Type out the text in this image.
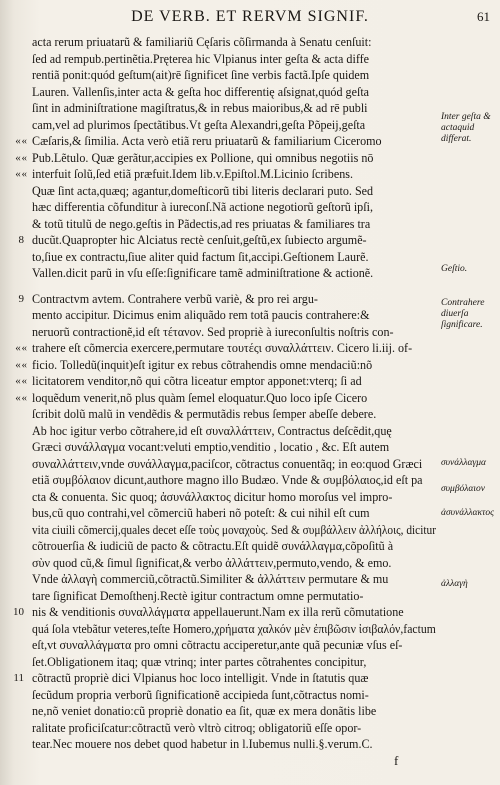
DE VERB. ET RERVM SIGNIF.	61
acta rerum priuatarũ & familiariũ Cęſaris cõſirmanda à Senatu cenſuit:
ſed ad rempub.pertinẽtia.Pręterea hic Vlpianus inter geſta & acta diffe
rentiã ponit:quód geſtum(ait)rē ſignificet ſine verbis factã.Ipſe quidem
Lauren. Vallenſis,inter acta & geſta hoc differentię aſsignat,quód geſta
ſint in adminiſtratione magiſtratus,& in rebus maioribus,& ad rē publi
cam,vel ad plurimos ſpectãtibus.Vt geſta Alexandri,geſta Põpeij,geſta
« « Cæſaris,& ſimilia. Acta verò etiã reru priuatarũ & familiarium Ciceromo
« « Pub.Lẽtulo. Quæ gerãtur,accipies ex Pollione, qui omnibus negotiis nō
« « interfuit ſolũ,ſed etiã præfuit.Idem lib.v.Epiſtol.M.Licinio ſcribens.
Quæ ſint acta,quæq; agantur,domeſticorũ tibi literis declarari puto. Sed
hæc differentia cõfunditur à iureconſ.Nã actione negotiorũ geſtorũ ipſi,
& totũ titulũ de nego.geſtis in Pãdectis,ad res priuatas & familiares tra
8 ducũt.Quapropter hic Alciatus rectè cenſuit,geſtũ,ex ſubiecto argumẽ-
to,ſiue ex contractu,ſiue aliter quid factum ſit,accipi.Geſtionem Laurẽ.
Vallen.dicit parũ in vſu eſſe:ſignificare tamẽ adminiſtratione & actionẽ.
9 Contractvm avtem. Contrahere verbũ variè, & pro rei argu-
mento accipitur. Dicimus enim aliquãdo rem totã paucis contrahere:&
neruorũ contractionẽ,id eſt τέτανον. Sed propriè à iureconſultis noſtris con-
« « trahere eſt cõmercia exercere,permutare τουτέςι συναλλάττειν. Cicero li.iij. of-
« « ficio. Tolledũ(inquit)eſt igitur ex rebus cõtrahendis omne mendaciũ:nõ
« « licitatorem venditor,nõ qui cõtra liceatur emptor apponet:vterq; ſi ad
« « loquẽdum venerit,nõ plus quàm ſemel eloquatur.Quo loco ipſe Cicero
ſcribit dolũ malũ in vendẽdis & permutãdis rebus ſemper abeſſe debere.
Ab hoc igitur verbo cõtrahere,id eſt συναλλάττειν, Contractus deſcẽdit,quę
Græci συνάλλαγμα vocant:veluti emptio,venditio , locatio , &c. Eſt autem
συναλλάττειν,vnde συνάλλαγμα,paciſcor, cõtractus conuentãq; in eo:quod Græci
etiã συμβόλαιον dicunt,authore magno illo Budæo. Vnde & συμβόλαιος,id eſt pa
cta & conuenta. Sic quoq; ἀσυνάλλακτος dicitur homo moroſus vel impro-
bus,cũ quo contrahi,vel cõmerciũ haberi nõ poteſt: & cui nihil eſt cum
vita ciuili cõmercij,quales decet eſſe τοὺς μοναχοὺς. Sed & συμβάλλειν ἀλλήλοις, dicitur
cõtrouerſia & iudiciũ de pacto & cõtractu.Eſt quidẽ συνάλλαγμα,cõpoſitũ à
σὺν quod cũ,& ſimul ſignificat,& verbo ἀλλάττειν,permuto,vendo, & emo.
Vnde ἀλλαγὴ commerciũ,cõtractũ.Similiter & ἀλλάττειν permutare & mu
tare ſignificat Demoſthenj.Rectè igitur contractum omne permutatio-
10 nis & venditionis συναλλάγματα appellauerunt.Nam ex illa rerũ cõmutatione
quá ſola vtebãtur veteres,teſte Homero,χρήματα χαλκόν μὲν ἐπιβῶσιν ἰσιβαλόν,factum
eſt,vt συναλλάγματα pro omni cõtractu acciperetur,ante quã pecuniæ vſus eſ-
ſet.Obligationem itaq; quæ vtrinq; inter partes cõtrahentes concipitur,
11 cõtractũ propriè dici Vlpianus hoc loco intelligit. Vnde in ſtatutis quæ
ſecũdum propria verborũ ſignificationẽ accipieda ſunt,cõtractus nomi-
ne,nõ veniet donatio:cũ propriè donatio ea ſit, quæ ex mera donãtis libe
ralitate proficiſcatur:cõtractũ verò vltrò citroq; obligatoriũ eſſe opor-
tear.Nec mouere nos debet quod habetur in l.Iubemus nulli.§.verum.C.
Inter geſta & actaquid differat.
Geſtio.
Contrahere diuerſa ſignificare.
συνάλλαγμα
συμβόλαιον
ἀσυνάλλακτος
ἀλλαγὴ
f
